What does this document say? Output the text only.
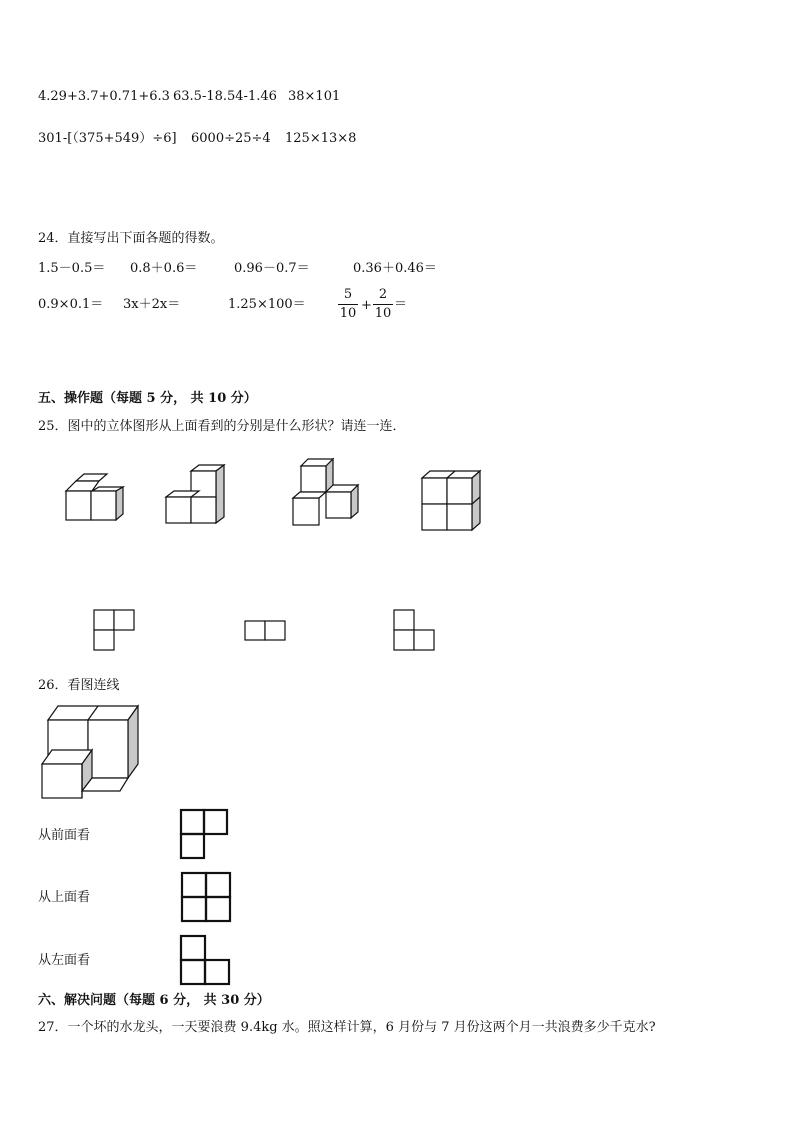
4.29+3.7+0.71+6.3 63.5-18.54-1.46 38×101
301-[（375+549）÷6] 6000÷25÷4 125×13×8
24．直接写出下面各题的得数。
1.5－0.5＝ 0.8＋0.6＝	0.96－0.7＝	0.36＋0.46＝
0.9×0.1＝ 3x＋2x＝	1.25×100＝
5
10
+
2
10
＝
五、操作题（每题 5 分， 共 10 分）
25．图中的立体图形从上面看到的分别是什么形状？请连一连．
26．看图连线
从前面看
从上面看
从左面看
六、解决问题（每题 6 分， 共 30 分）
27．一个坏的水龙头，一天要浪费 9.4kg 水。照这样计算，6 月份与 7 月份这两个月一共浪费多少千克水?
